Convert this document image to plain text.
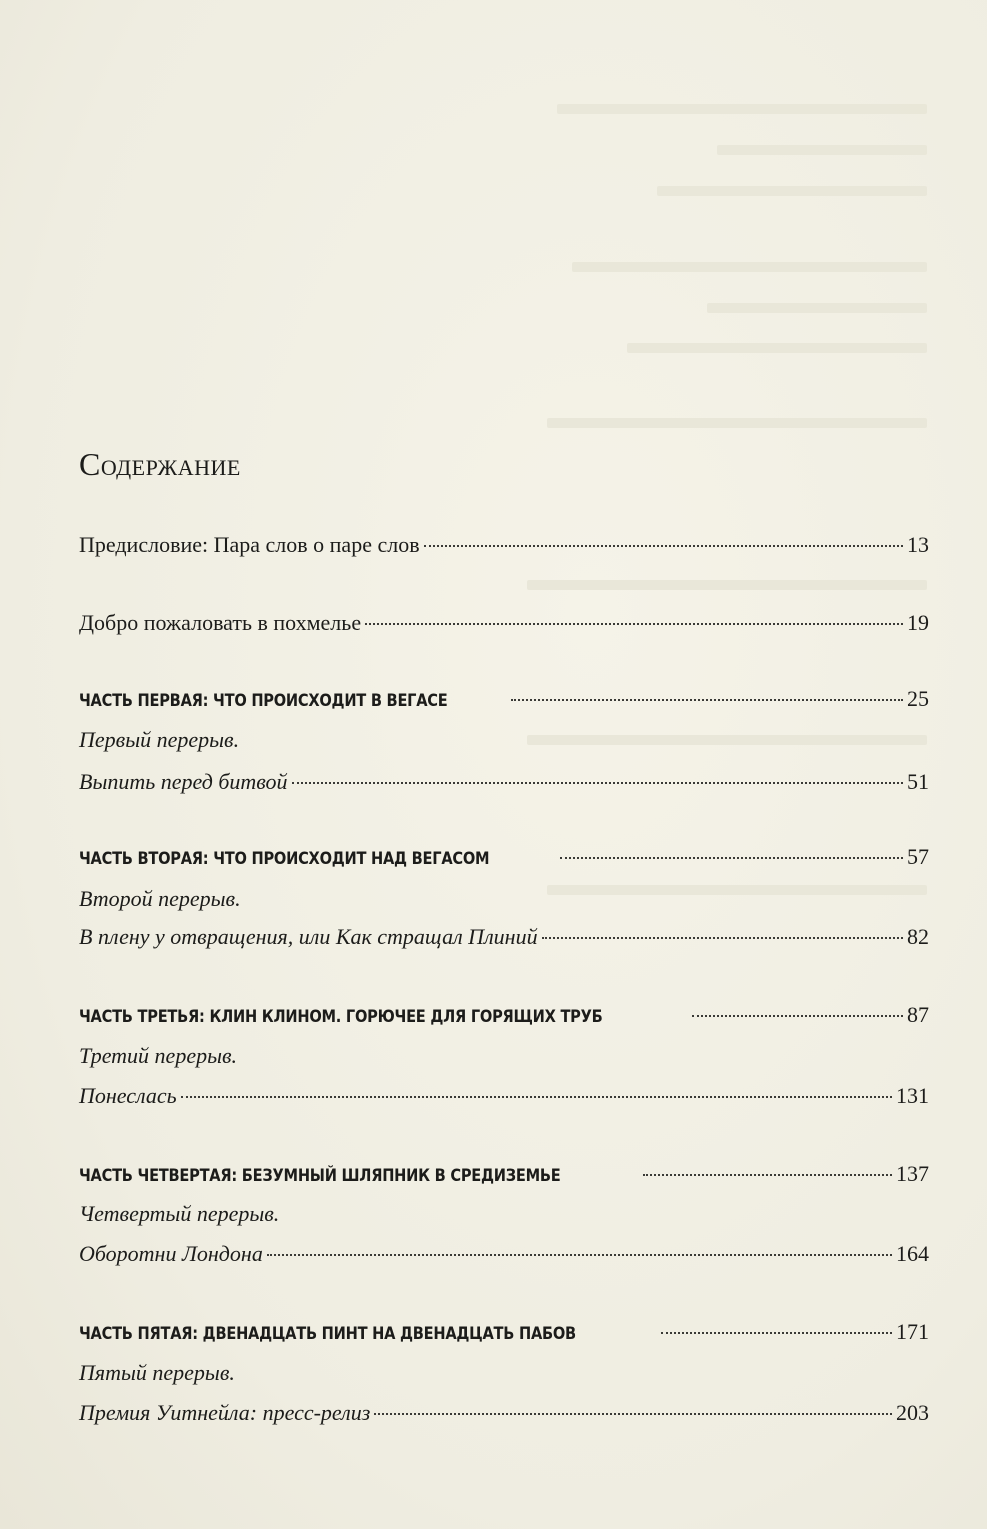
Содержание
Предисловие: Пара слов о паре слов	13
Добро пожаловать в похмелье	19
ЧАСТЬ ПЕРВАЯ: ЧТО ПРОИСХОДИТ В ВЕГАСЕ	25
Первый перерыв.
Выпить перед битвой	51
ЧАСТЬ ВТОРАЯ: ЧТО ПРОИСХОДИТ НАД ВЕГАСОМ	57
Второй перерыв.
В плену у отвращения, или Как стращал Плиний	82
ЧАСТЬ ТРЕТЬЯ: КЛИН КЛИНОМ. ГОРЮЧЕЕ ДЛЯ ГОРЯЩИХ ТРУБ	87
Третий перерыв.
Понеслась	131
ЧАСТЬ ЧЕТВЕРТАЯ: БЕЗУМНЫЙ ШЛЯПНИК В СРЕДИЗЕМЬЕ	137
Четвертый перерыв.
Оборотни Лондона	164
ЧАСТЬ ПЯТАЯ: ДВЕНАДЦАТЬ ПИНТ НА ДВЕНАДЦАТЬ ПАБОВ	171
Пятый перерыв.
Премия Уитнейла: пресс-релиз	203
